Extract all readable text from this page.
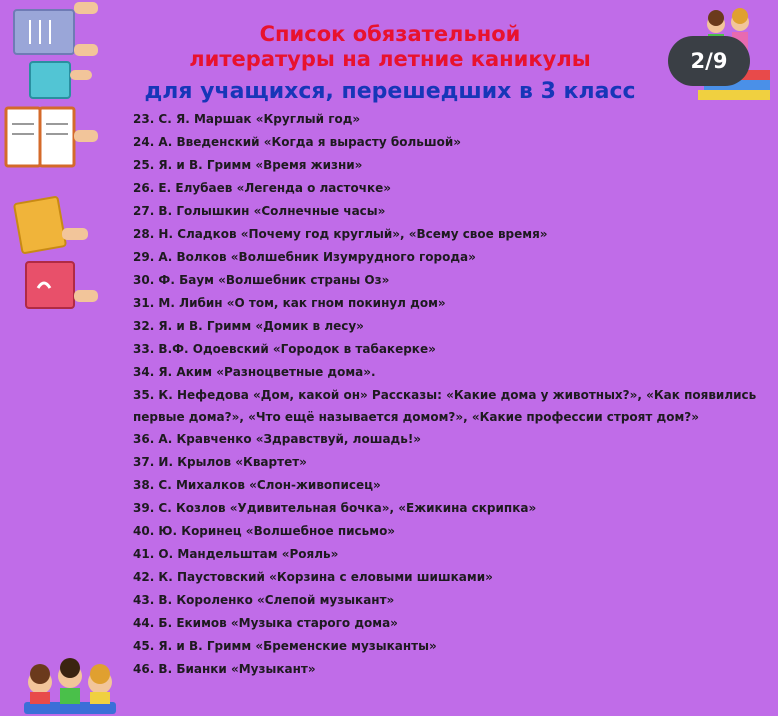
Список обязательной
литературы на летние каникулы
для учащихся, перешедших в 3 класс
2/9
23. С. Я. Маршак «Круглый год»
24. А. Введенский «Когда я вырасту большой»
25. Я. и В. Гримм «Время жизни»
26. Е. Елубаев «Легенда о ласточке»
27. В. Голышкин «Солнечные часы»
28. Н. Сладков «Почему год круглый», «Всему свое время»
29. А. Волков «Волшебник Изумрудного города»
30. Ф. Баум «Волшебник страны Оз»
31. М. Либин «О том, как гном покинул дом»
32. Я. и В. Гримм «Домик в лесу»
33. В.Ф. Одоевский «Городок в табакерке»
34. Я. Аким «Разноцветные дома».
35. К. Нефедова «Дом, какой он» Рассказы: «Какие дома у животных?», «Как появились первые дома?», «Что ещё называется домом?», «Какие профессии строят дом?»
36. А. Кравченко «Здравствуй, лошадь!»
37. И. Крылов «Квартет»
38. С. Михалков «Слон-живописец»
39. С. Козлов «Удивительная бочка», «Ежикина скрипка»
40. Ю. Коринец «Волшебное письмо»
41. О. Мандельштам «Рояль»
42. К. Паустовский «Корзина с еловыми шишками»
43. В. Короленко «Слепой музыкант»
44. Б. Екимов «Музыка старого дома»
45. Я. и В. Гримм «Бременские музыканты»
46. В. Бианки «Музыкант»
